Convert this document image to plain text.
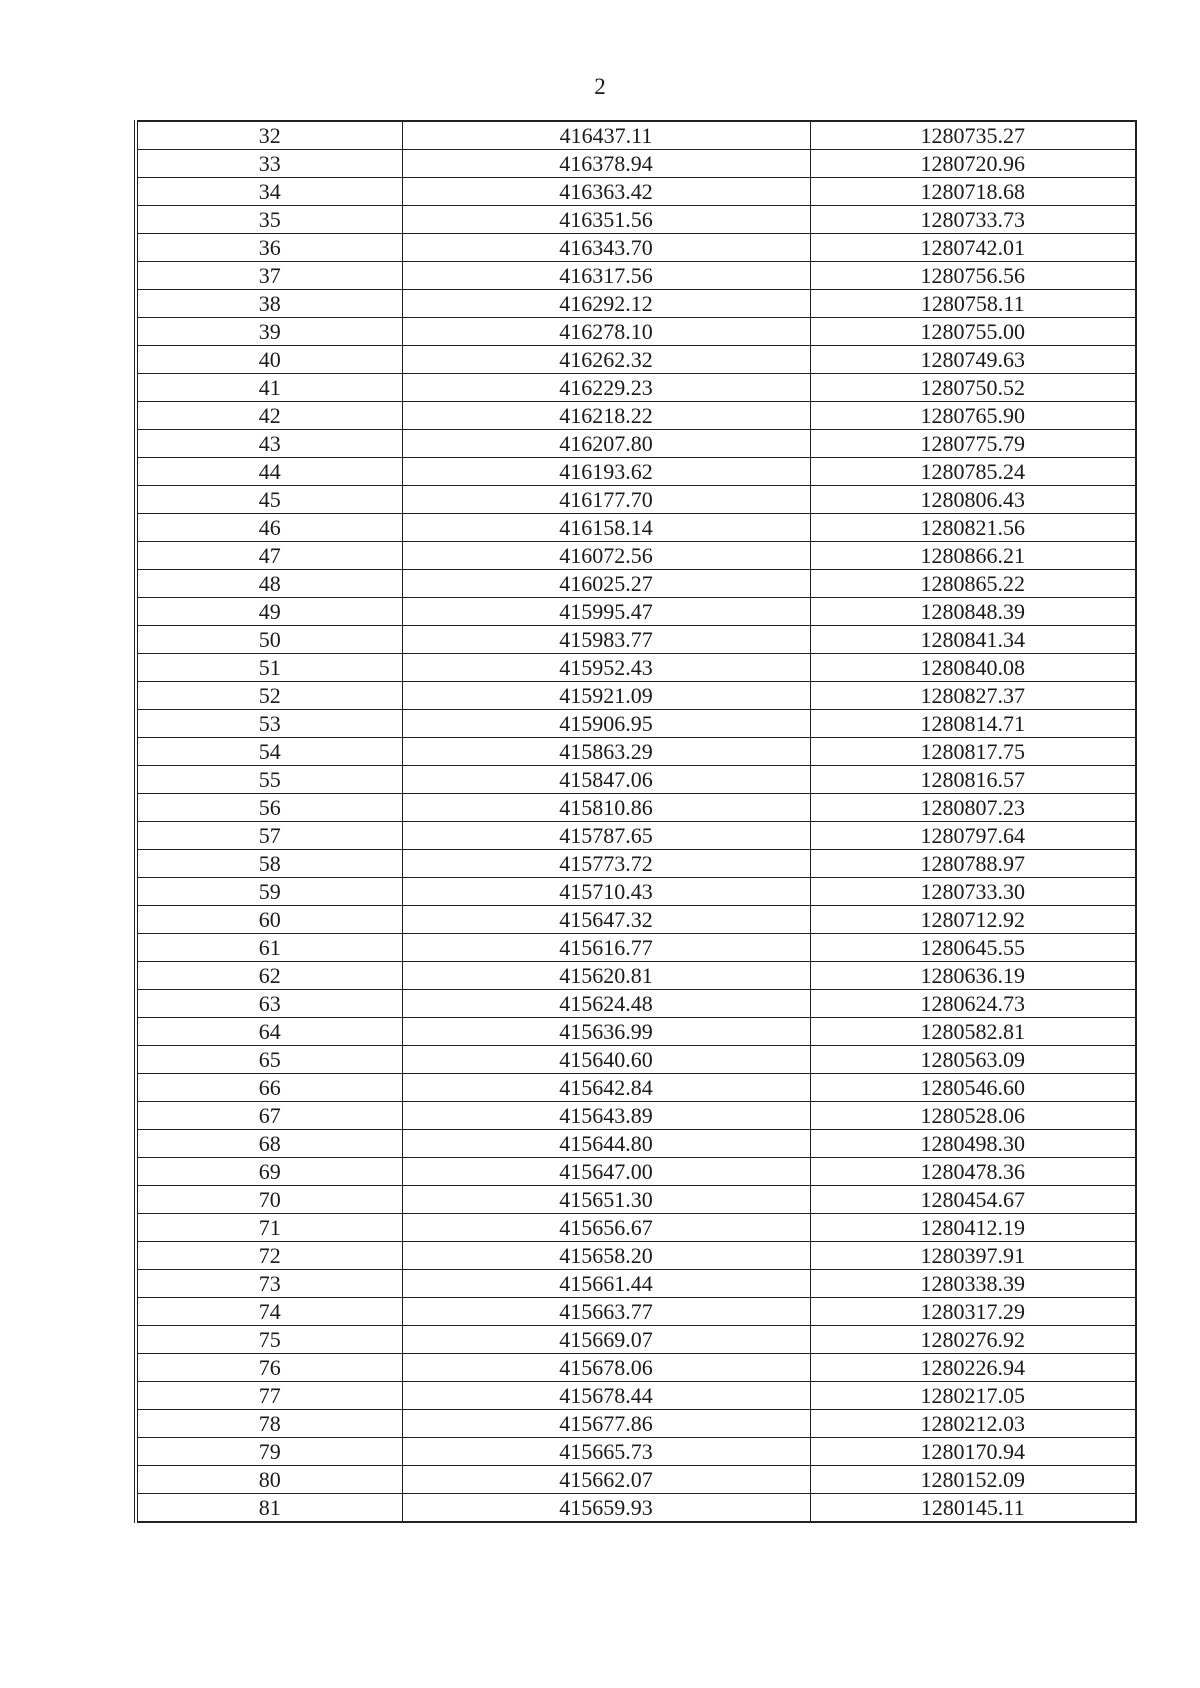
2
32	416437.11	1280735.27
33	416378.94	1280720.96
34	416363.42	1280718.68
35	416351.56	1280733.73
36	416343.70	1280742.01
37	416317.56	1280756.56
38	416292.12	1280758.11
39	416278.10	1280755.00
40	416262.32	1280749.63
41	416229.23	1280750.52
42	416218.22	1280765.90
43	416207.80	1280775.79
44	416193.62	1280785.24
45	416177.70	1280806.43
46	416158.14	1280821.56
47	416072.56	1280866.21
48	416025.27	1280865.22
49	415995.47	1280848.39
50	415983.77	1280841.34
51	415952.43	1280840.08
52	415921.09	1280827.37
53	415906.95	1280814.71
54	415863.29	1280817.75
55	415847.06	1280816.57
56	415810.86	1280807.23
57	415787.65	1280797.64
58	415773.72	1280788.97
59	415710.43	1280733.30
60	415647.32	1280712.92
61	415616.77	1280645.55
62	415620.81	1280636.19
63	415624.48	1280624.73
64	415636.99	1280582.81
65	415640.60	1280563.09
66	415642.84	1280546.60
67	415643.89	1280528.06
68	415644.80	1280498.30
69	415647.00	1280478.36
70	415651.30	1280454.67
71	415656.67	1280412.19
72	415658.20	1280397.91
73	415661.44	1280338.39
74	415663.77	1280317.29
75	415669.07	1280276.92
76	415678.06	1280226.94
77	415678.44	1280217.05
78	415677.86	1280212.03
79	415665.73	1280170.94
80	415662.07	1280152.09
81	415659.93	1280145.11
